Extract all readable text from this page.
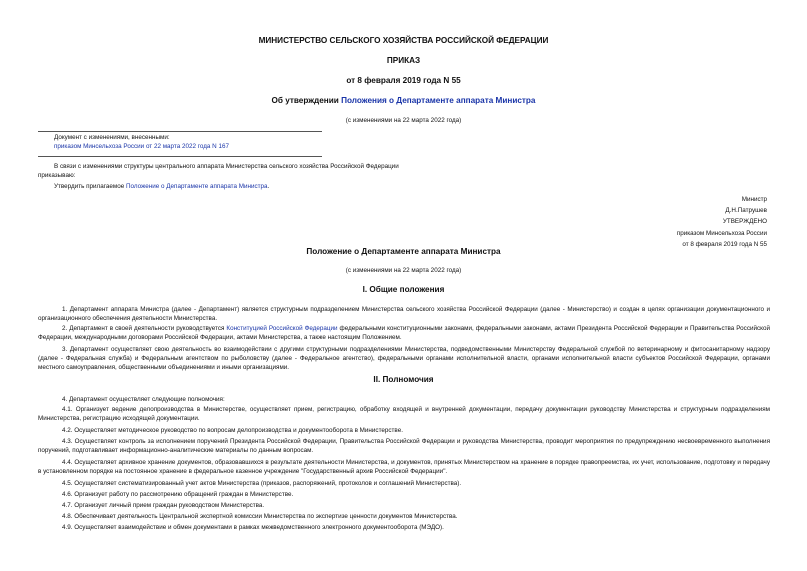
МИНИСТЕРСТВО СЕЛЬСКОГО ХОЗЯЙСТВА РОССИЙСКОЙ ФЕДЕРАЦИИ
ПРИКАЗ
от 8 февраля 2019 года N 55
Об утверждении Положения о Департаменте аппарата Министра
(с изменениями на 22 марта 2022 года)
Документ с изменениями, внесенными:
приказом Минсельхоза России от 22 марта 2022 года N 167
В связи с изменениями структуры центрального аппарата Министерства сельского хозяйства Российской Федерации
приказываю:
Утвердить прилагаемое Положение о Департаменте аппарата Министра.
Министр
Д.Н.Патрушев
УТВЕРЖДЕНО
приказом Минсельхоза России
от 8 февраля 2019 года N 55
Положение о Департаменте аппарата Министра
(с изменениями на 22 марта 2022 года)
I. Общие положения
1. Департамент аппарата Министра (далее - Департамент) является структурным подразделением Министерства сельского хозяйства Российской Федерации (далее - Министерство) и создан в целях организации документационного и организационного обеспечения деятельности Министерства.
2. Департамент в своей деятельности руководствуется Конституцией Российской Федерации федеральными конституционными законами, федеральными законами, актами Президента Российской Федерации и Правительства Российской Федерации, международными договорами Российской Федерации, актами Министерства, а также настоящим Положением.
3. Департамент осуществляет свою деятельность во взаимодействии с другими структурными подразделениями Министерства, подведомственными Министерству Федеральной службой по ветеринарному и фитосанитарному надзору (далее - Федеральная служба) и Федеральным агентством по рыболовству (далее - Федеральное агентство), федеральными органами исполнительной власти, органами исполнительной власти субъектов Российской Федерации, органами местного самоуправления, общественными объединениями и иными организациями.
II. Полномочия
4. Департамент осуществляет следующие полномочия:
4.1. Организует ведение делопроизводства в Министерстве, осуществляет прием, регистрацию, обработку входящей и внутренней документации, передачу документации руководству Министерства и структурным подразделениям Министерства, регистрацию исходящей документации.
4.2. Осуществляет методическое руководство по вопросам делопроизводства и документооборота в Министерстве.
4.3. Осуществляет контроль за исполнением поручений Президента Российской Федерации, Правительства Российской Федерации и руководства Министерства, проводит мероприятия по предупреждению несвоевременного выполнения поручений, подготавливает информационно-аналитические материалы по данным вопросам.
4.4. Осуществляет архивное хранение документов, образовавшихся в результате деятельности Министерства, и документов, принятых Министерством на хранение в порядке правопреемства, их учет, использование, подготовку и передачу в установленном порядке на постоянное хранение в федеральное казенное учреждение "Государственный архив Российской Федерации".
4.5. Осуществляет систематизированный учет актов Министерства (приказов, распоряжений, протоколов и соглашений Министерства).
4.6. Организует работу по рассмотрению обращений граждан в Министерстве.
4.7. Организует личный прием граждан руководством Министерства.
4.8. Обеспечивает деятельность Центральной экспертной комиссии Министерства по экспертизе ценности документов Министерства.
4.9. Осуществляет взаимодействие и обмен документами в рамках межведомственного электронного документооборота (МЭДО).
